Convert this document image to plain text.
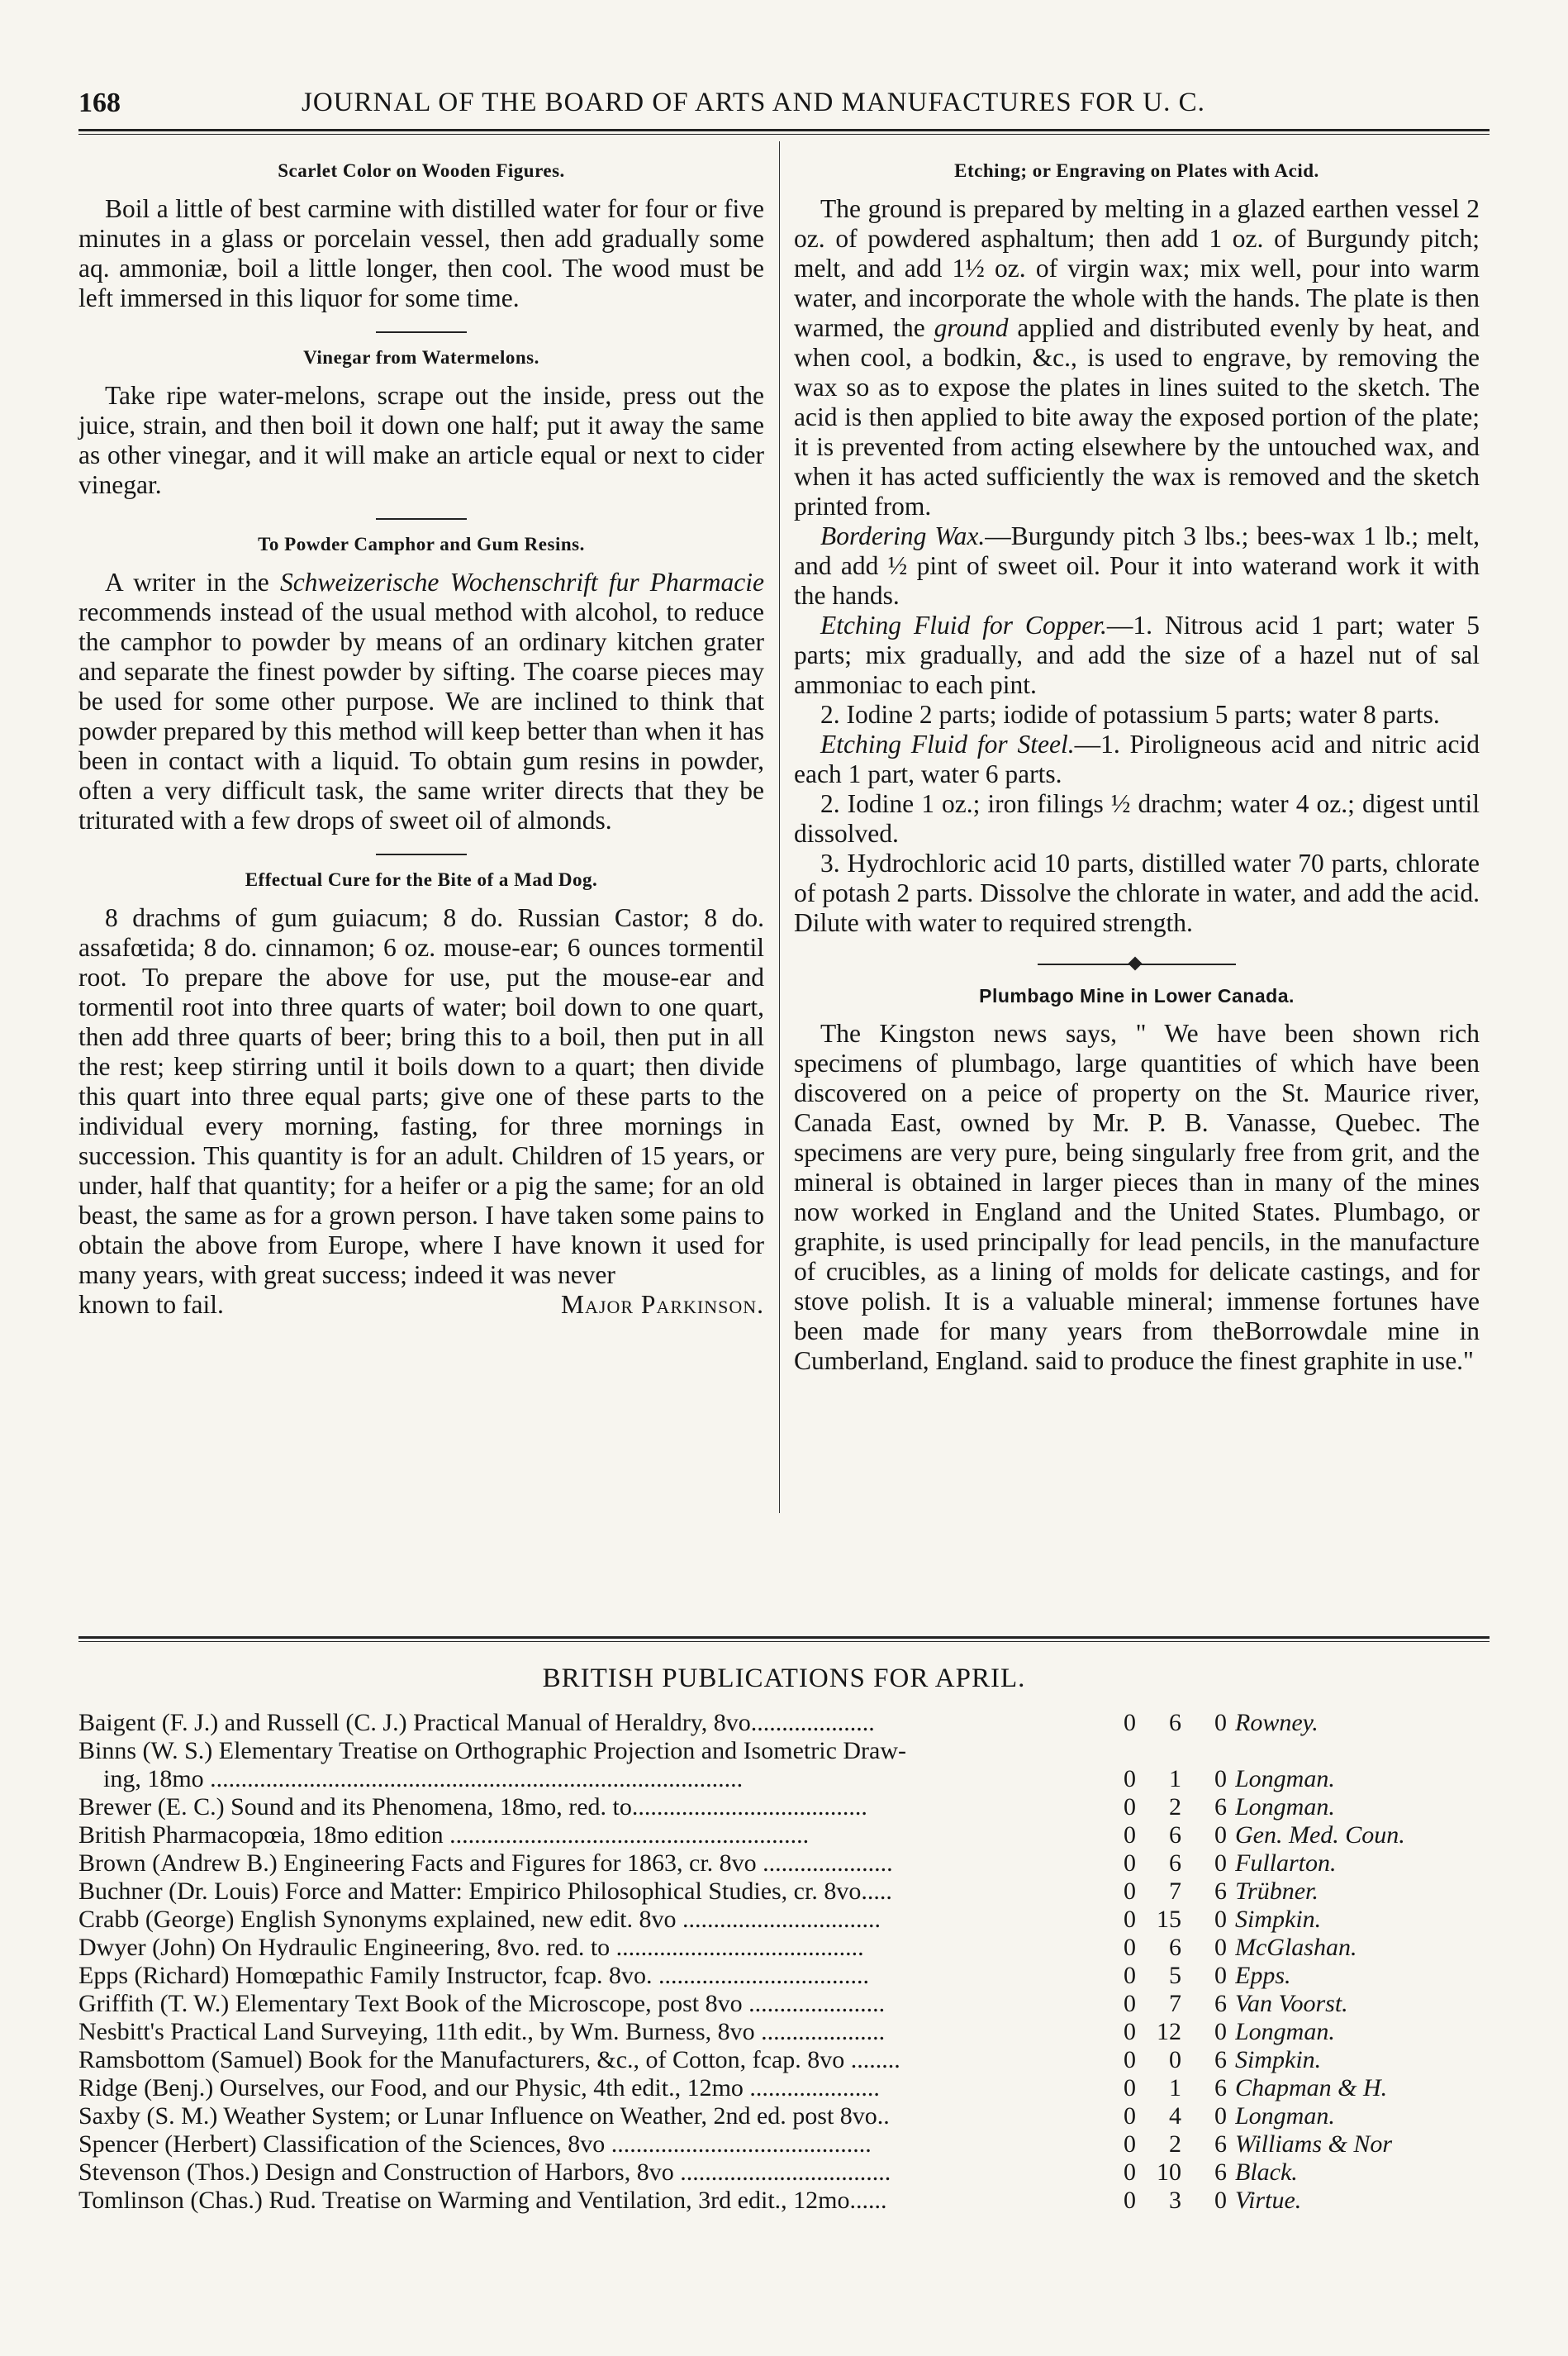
168	JOURNAL OF THE BOARD OF ARTS AND MANUFACTURES FOR U. C.
Scarlet Color on Wooden Figures.

Boil a little of best carmine with distilled water for four or five minutes in a glass or porcelain vessel, then add gradually some aq. ammoniæ, boil a little longer, then cool. The wood must be left immersed in this liquor for some time.

Vinegar from Watermelons.

Take ripe water-melons, scrape out the inside, press out the juice, strain, and then boil it down one half; put it away the same as other vinegar, and it will make an article equal or next to cider vinegar.

To Powder Camphor and Gum Resins.

A writer in the Schweizerische Wochenschrift fur Pharmacie recommends instead of the usual method with alcohol, to reduce the camphor to powder by means of an ordinary kitchen grater and separate the finest powder by sifting. The coarse pieces may be used for some other purpose. We are inclined to think that powder prepared by this method will keep better than when it has been in contact with a liquid. To obtain gum resins in powder, often a very difficult task, the same writer directs that they be triturated with a few drops of sweet oil of almonds.

Effectual Cure for the Bite of a Mad Dog.

8 drachms of gum guiacum; 8 do. Russian Castor; 8 do. assafœtida; 8 do. cinnamon; 6 oz. mouse-ear; 6 ounces tormentil root. To prepare the above for use, put the mouse-ear and tormentil root into three quarts of water; boil down to one quart, then add three quarts of beer; bring this to a boil, then put in all the rest; keep stirring until it boils down to a quart; then divide this quart into three equal parts; give one of these parts to the individual every morning, fasting, for three mornings in succession. This quantity is for an adult. Children of 15 years, or under, half that quantity; for a heifer or a pig the same; for an old beast, the same as for a grown person. I have taken some pains to obtain the above from Europe, where I have known it used for many years, with great success; indeed it was never

known to fail.	Major Parkinson.
Etching; or Engraving on Plates with Acid.

The ground is prepared by melting in a glazed earthen vessel 2 oz. of powdered asphaltum; then add 1 oz. of Burgundy pitch; melt, and add 1½ oz. of virgin wax; mix well, pour into warm water, and incorporate the whole with the hands. The plate is then warmed, the ground applied and distributed evenly by heat, and when cool, a bodkin, &c., is used to engrave, by removing the wax so as to expose the plates in lines suited to the sketch. The acid is then applied to bite away the exposed portion of the plate; it is prevented from acting elsewhere by the untouched wax, and when it has acted sufficiently the wax is removed and the sketch printed from.

Bordering Wax.—Burgundy pitch 3 lbs.; bees-wax 1 lb.; melt, and add ½ pint of sweet oil. Pour it into waterand work it with the hands.

Etching Fluid for Copper.—1. Nitrous acid 1 part; water 5 parts; mix gradually, and add the size of a hazel nut of sal ammoniac to each pint.

2. Iodine 2 parts; iodide of potassium 5 parts; water 8 parts.

Etching Fluid for Steel.—1. Piroligneous acid and nitric acid each 1 part, water 6 parts.

2. Iodine 1 oz.; iron filings ½ drachm; water 4 oz.; digest until dissolved.

3. Hydrochloric acid 10 parts, distilled water 70 parts, chlorate of potash 2 parts. Dissolve the chlorate in water, and add the acid. Dilute with water to required strength.

Plumbago Mine in Lower Canada.

The Kingston news says, " We have been shown rich specimens of plumbago, large quantities of which have been discovered on a peice of property on the St. Maurice river, Canada East, owned by Mr. P. B. Vanasse, Quebec. The specimens are very pure, being singularly free from grit, and the mineral is obtained in larger pieces than in many of the mines now worked in England and the United States. Plumbago, or graphite, is used principally for lead pencils, in the manufacture of crucibles, as a lining of molds for delicate castings, and for stove polish. It is a valuable mineral; immense fortunes have been made for many years from theBorrowdale mine in Cumberland, England. said to produce the finest graphite in use."

BRITISH PUBLICATIONS FOR APRIL.
Baigent (F. J.) and Russell (C. J.) Practical Manual of Heraldry, 8vo....................	0	6	0 Rowney.
Binns (W. S.) Elementary Treatise on Orthographic Projection and Isometric Draw-
ing, 18mo ......................................................................................	0	1	0 Longman.
Brewer (E. C.) Sound and its Phenomena, 18mo, red. to......................................	0	2	6 Longman.
British Pharmacopœia, 18mo edition ..........................................................	0	6	0 Gen. Med. Coun.
Brown (Andrew B.) Engineering Facts and Figures for 1863, cr. 8vo .....................	0	6	0 Fullarton.
Buchner (Dr. Louis) Force and Matter: Empirico Philosophical Studies, cr. 8vo.....	0	7	6 Trübner.
Crabb (George) English Synonyms explained, new edit. 8vo ................................	0 15	0 Simpkin.
Dwyer (John) On Hydraulic Engineering, 8vo. red. to ........................................	0	6	0 McGlashan.
Epps (Richard) Homœpathic Family Instructor, fcap. 8vo. ..................................	0	5	0 Epps.
Griffith (T. W.) Elementary Text Book of the Microscope, post 8vo ......................	0	7	6 Van Voorst.
Nesbitt's Practical Land Surveying, 11th edit., by Wm. Burness, 8vo ....................	0 12	0 Longman.
Ramsbottom (Samuel) Book for the Manufacturers, &c., of Cotton, fcap. 8vo ........	0	0	6 Simpkin.
Ridge (Benj.) Ourselves, our Food, and our Physic, 4th edit., 12mo .....................	0	1	6 Chapman & H.
Saxby (S. M.) Weather System; or Lunar Influence on Weather, 2nd ed. post 8vo..	0	4	0 Longman.
Spencer (Herbert) Classification of the Sciences, 8vo ..........................................	0	2	6 Williams & Nor
Stevenson (Thos.) Design and Construction of Harbors, 8vo ..................................	0 10	6 Black.
Tomlinson (Chas.) Rud. Treatise on Warming and Ventilation, 3rd edit., 12mo......	0	3	0 Virtue.
